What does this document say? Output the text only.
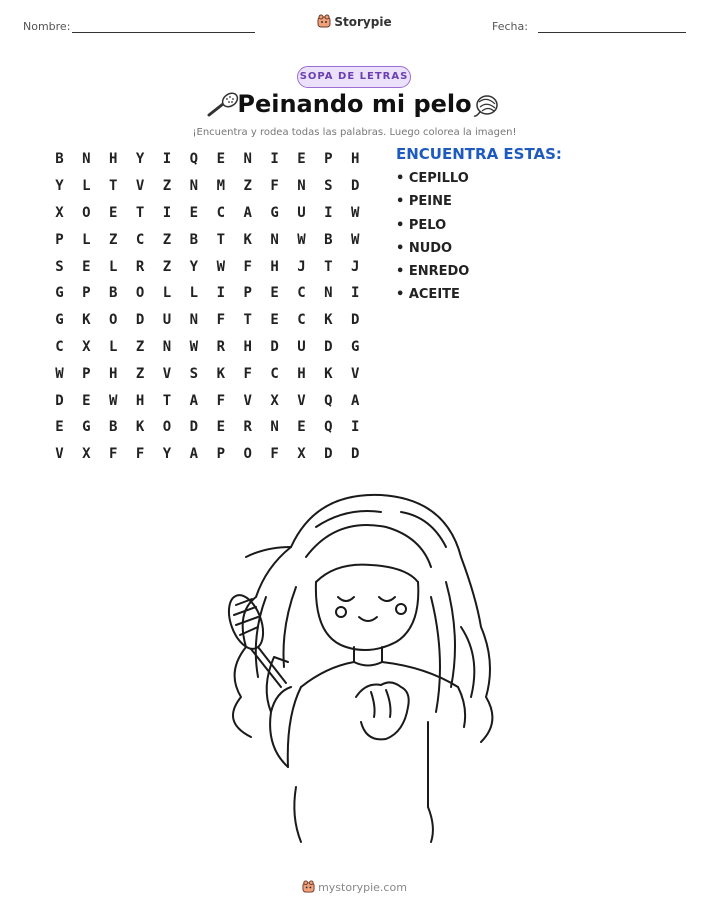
Nombre:	Storypie	Fecha:
SOPA DE LETRAS
Peinando mi pelo
¡Encuentra y rodea todas las palabras. Luego colorea la imagen!
B	N	H	Y	I	Q	E	N	I	E	P	H
Y	L	T	V	Z	N	M	Z	F	N	S	D
X	O	E	T	I	E	C	A	G	U	I	W
P	L	Z	C	Z	B	T	K	N	W	B	W
S	E	L	R	Z	Y	W	F	H	J	T	J
G	P	B	O	L	L	I	P	E	C	N	I
G	K	O	D	U	N	F	T	E	C	K	D
C	X	L	Z	N	W	R	H	D	U	D	G
W	P	H	Z	V	S	K	F	C	H	K	V
D	E	W	H	T	A	F	V	X	V	Q	A
E	G	B	K	O	D	E	R	N	E	Q	I
V	X	F	F	Y	A	P	O	F	X	D	D
ENCUENTRA ESTAS:
• CEPILLO
• PEINE
• PELO
• NUDO
• ENREDO
• ACEITE
mystorypie.com
